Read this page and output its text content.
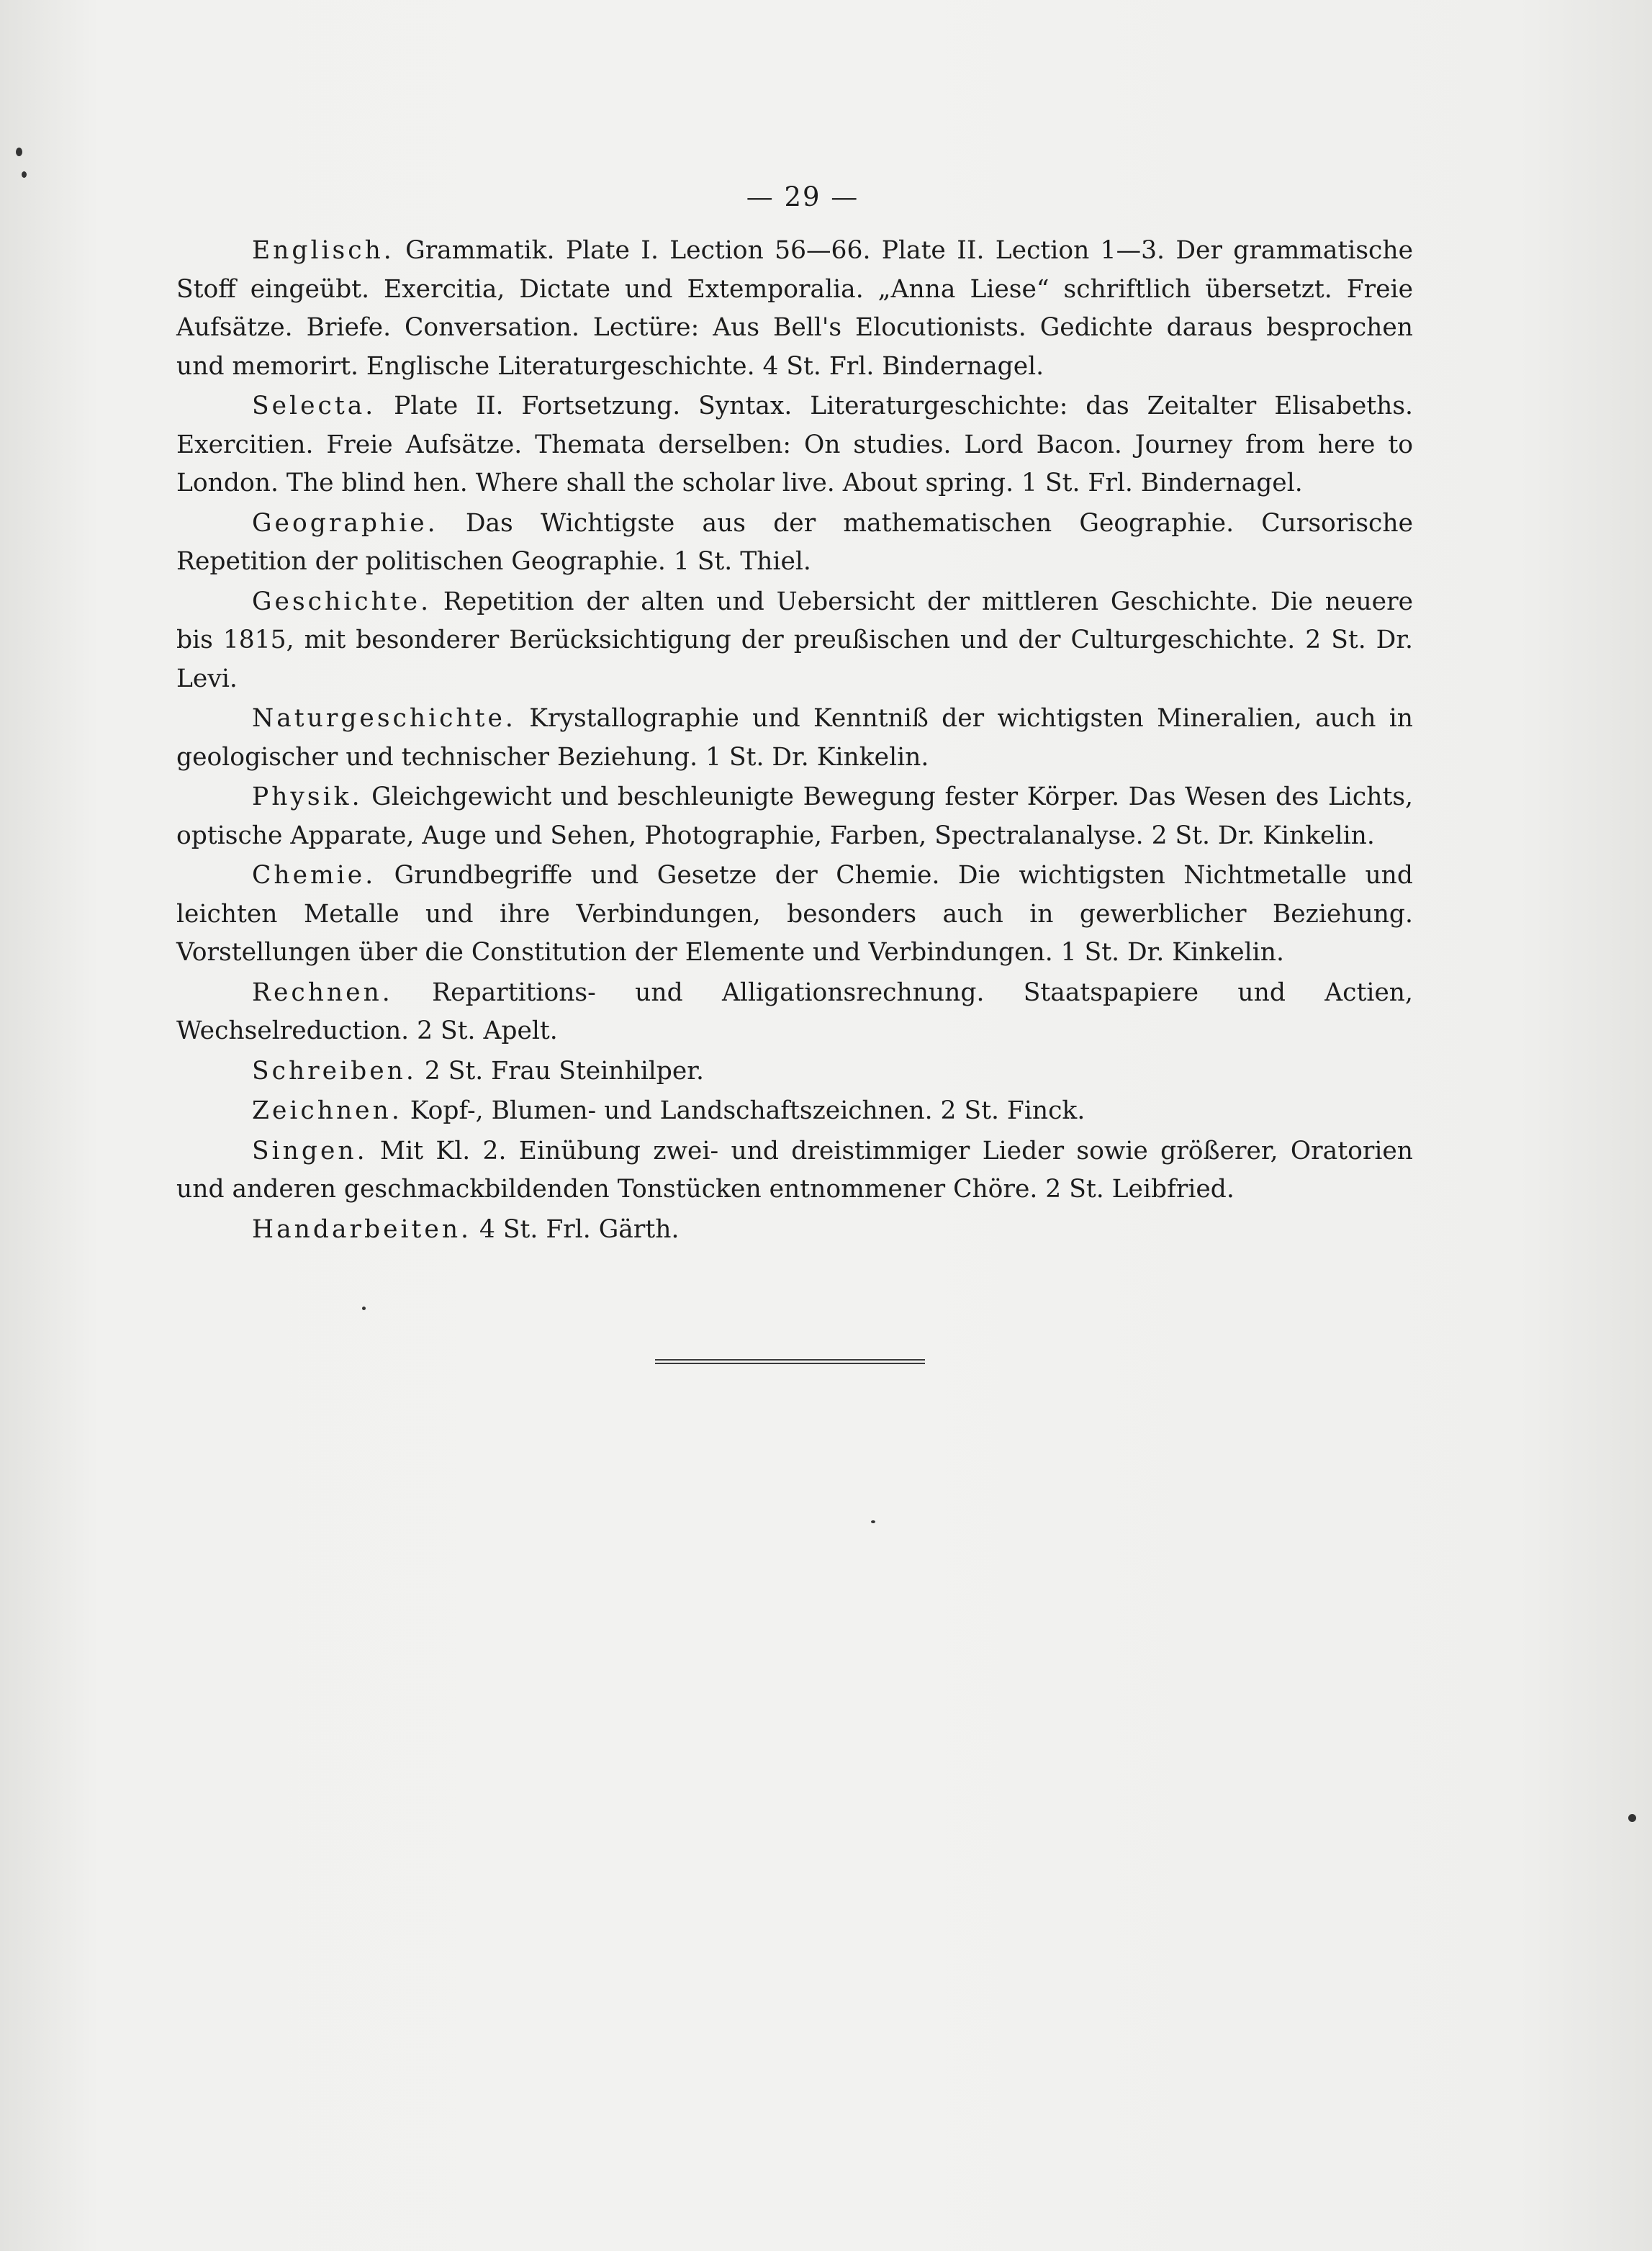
— 29 —

Englisch. Grammatik. Plate I. Lection 56—66. Plate II. Lection 1—3. Der grammatische Stoff eingeübt. Exercitia, Dictate und Extemporalia. „Anna Liese“ schriftlich übersetzt. Freie Aufsätze. Briefe. Conversation. Lectüre: Aus Bell's Elocutionists. Gedichte daraus besprochen und memorirt. Englische Literaturgeschichte. 4 St. Frl. Bindernagel.

Selecta. Plate II. Fortsetzung. Syntax. Literaturgeschichte: das Zeitalter Elisabeths. Exercitien. Freie Aufsätze. Themata derselben: On studies. Lord Bacon. Journey from here to London. The blind hen. Where shall the scholar live. About spring. 1 St. Frl. Bindernagel.

Geographie. Das Wichtigste aus der mathematischen Geographie. Cursorische Repetition der politischen Geographie. 1 St. Thiel.

Geschichte. Repetition der alten und Uebersicht der mittleren Geschichte. Die neuere bis 1815, mit besonderer Berücksichtigung der preußischen und der Culturgeschichte. 2 St. Dr. Levi.

Naturgeschichte. Krystallographie und Kenntniß der wichtigsten Mineralien, auch in geologischer und technischer Beziehung. 1 St. Dr. Kinkelin.

Physik. Gleichgewicht und beschleunigte Bewegung fester Körper. Das Wesen des Lichts, optische Apparate, Auge und Sehen, Photographie, Farben, Spectralanalyse. 2 St. Dr. Kinkelin.

Chemie. Grundbegriffe und Gesetze der Chemie. Die wichtigsten Nichtmetalle und leichten Metalle und ihre Verbindungen, besonders auch in gewerblicher Beziehung. Vorstellungen über die Constitution der Elemente und Verbindungen. 1 St. Dr. Kinkelin.

Rechnen. Repartitions- und Alligationsrechnung. Staatspapiere und Actien, Wechselreduction. 2 St. Apelt.

Schreiben. 2 St. Frau Steinhilper.

Zeichnen. Kopf-, Blumen- und Landschaftszeichnen. 2 St. Finck.

Singen. Mit Kl. 2. Einübung zwei- und dreistimmiger Lieder sowie größerer, Oratorien und anderen geschmackbildenden Tonstücken entnommener Chöre. 2 St. Leibfried.

Handarbeiten. 4 St. Frl. Gärth.
